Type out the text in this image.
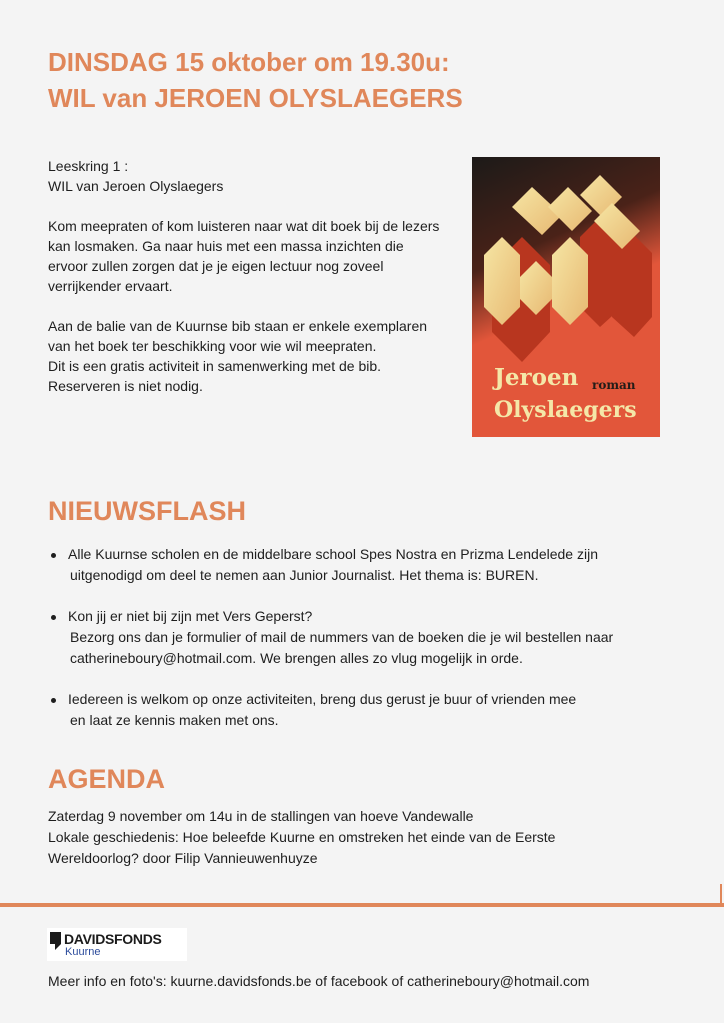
DINSDAG 15 oktober om 19.30u:
WIL van JEROEN OLYSLAEGERS

Leeskring 1 :
WIL van Jeroen Olyslaegers

Kom meepraten of kom luisteren naar wat dit boek bij de lezers kan losmaken. Ga naar huis met een massa inzichten die ervoor zullen zorgen dat je je eigen lectuur nog zoveel verrijkender ervaart.

Aan de balie van de Kuurnse bib staan er enkele exemplaren van het boek ter beschikking voor wie wil meepraten.
Dit is een gratis activiteit in samenwerking met de bib.
Reserveren is niet nodig.	Jeroen roman
Olyslaegers
NIEUWSFLASH
Alle Kuurnse scholen en de middelbare school Spes Nostra en Prizma Lendelede zijn
uitgenodigd om deel te nemen aan Junior Journalist. Het thema is: BUREN.
Kon jij er niet bij zijn met Vers Geperst?
Bezorg ons dan je formulier of mail de nummers van de boeken die je wil bestellen naar
catherineboury@hotmail.com. We brengen alles zo vlug mogelijk in orde.
Iedereen is welkom op onze activiteiten, breng dus gerust je buur of vrienden mee
en laat ze kennis maken met ons.
AGENDA
Zaterdag 9 november om 14u in de stallingen van hoeve Vandewalle
Lokale geschiedenis: Hoe beleefde Kuurne en omstreken het einde van de Eerste
Wereldoorlog? door Filip Vannieuwenhuyze
DAVIDSFONDS
Kuurne
Meer info en foto's: kuurne.davidsfonds.be of facebook of catherineboury@hotmail.com
